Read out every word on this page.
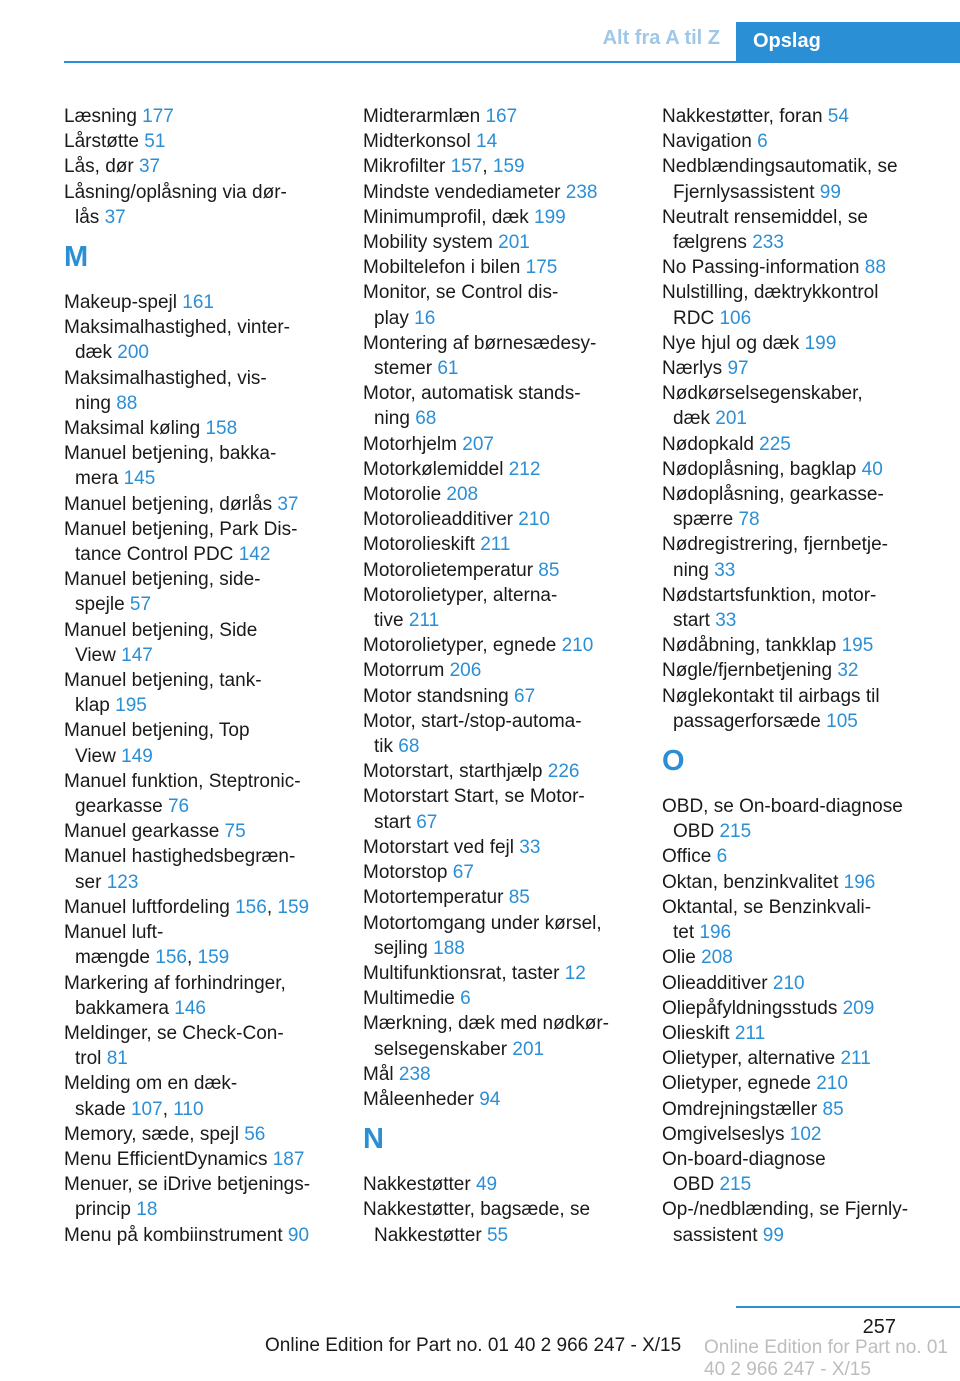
Alt fra A til Z	Opslag
Læsning 177
Lårstøtte 51
Lås, dør 37
Låsning/oplåsning via dør-
lås 37
M
Makeup-spejl 161
Maksimalhastighed, vinter-
dæk 200
Maksimalhastighed, vis-
ning 88
Maksimal køling 158
Manuel betjening, bakka-
mera 145
Manuel betjening, dørlås 37
Manuel betjening, Park Dis-
tance Control PDC 142
Manuel betjening, side-
spejle 57
Manuel betjening, Side
View 147
Manuel betjening, tank-
klap 195
Manuel betjening, Top
View 149
Manuel funktion, Steptronic-
gearkasse 76
Manuel gearkasse 75
Manuel hastighedsbegræn-
ser 123
Manuel luftfordeling 156, 159
Manuel luft-
mængde 156, 159
Markering af forhindringer,
bakkamera 146
Meldinger, se Check-Con-
trol 81
Melding om en dæk-
skade 107, 110
Memory, sæde, spejl 56
Menu EfficientDynamics 187
Menuer, se iDrive betjenings-
princip 18
Menu på kombiinstrument 90
Midterarmlæn 167
Midterkonsol 14
Mikrofilter 157, 159
Mindste vendediameter 238
Minimumprofil, dæk 199
Mobility system 201
Mobiltelefon i bilen 175
Monitor, se Control dis-
play 16
Montering af børnesædesy-
stemer 61
Motor, automatisk stands-
ning 68
Motorhjelm 207
Motorkølemiddel 212
Motorolie 208
Motorolieadditiver 210
Motorolieskift 211
Motorolietemperatur 85
Motorolietyper, alterna-
tive 211
Motorolietyper, egnede 210
Motorrum 206
Motor standsning 67
Motor, start-/stop-automa-
tik 68
Motorstart, starthjælp 226
Motorstart Start, se Motor-
start 67
Motorstart ved fejl 33
Motorstop 67
Motortemperatur 85
Motortomgang under kørsel,
sejling 188
Multifunktionsrat, taster 12
Multimedie 6
Mærkning, dæk med nødkør-
selsegenskaber 201
Mål 238
Måleenheder 94
N
Nakkestøtter 49
Nakkestøtter, bagsæde, se
Nakkestøtter 55
Nakkestøtter, foran 54
Navigation 6
Nedblændingsautomatik, se
Fjernlysassistent 99
Neutralt rensemiddel, se
fælgrens 233
No Passing-information 88
Nulstilling, dæktrykkontrol
RDC 106
Nye hjul og dæk 199
Nærlys 97
Nødkørselsegenskaber,
dæk 201
Nødopkald 225
Nødoplåsning, bagklap 40
Nødoplåsning, gearkasse-
spærre 78
Nødregistrering, fjernbetje-
ning 33
Nødstartsfunktion, motor-
start 33
Nødåbning, tankklap 195
Nøgle/fjernbetjening 32
Nøglekontakt til airbags til
passagerforsæde 105
O
OBD, se On-board-diagnose
OBD 215
Office 6
Oktan, benzinkvalitet 196
Oktantal, se Benzinkvali-
tet 196
Olie 208
Olieadditiver 210
Oliepåfyldningsstuds 209
Olieskift 211
Olietyper, alternative 211
Olietyper, egnede 210
Omdrejningstæller 85
Omgivelseslys 102
On-board-diagnose
OBD 215
Op-/nedblænding, se Fjernly-
sassistent 99
257
Online Edition for Part no. 01 40 2 966 247 - X/15
Online Edition for Part no. 01 40 2 966 247 - X/15
